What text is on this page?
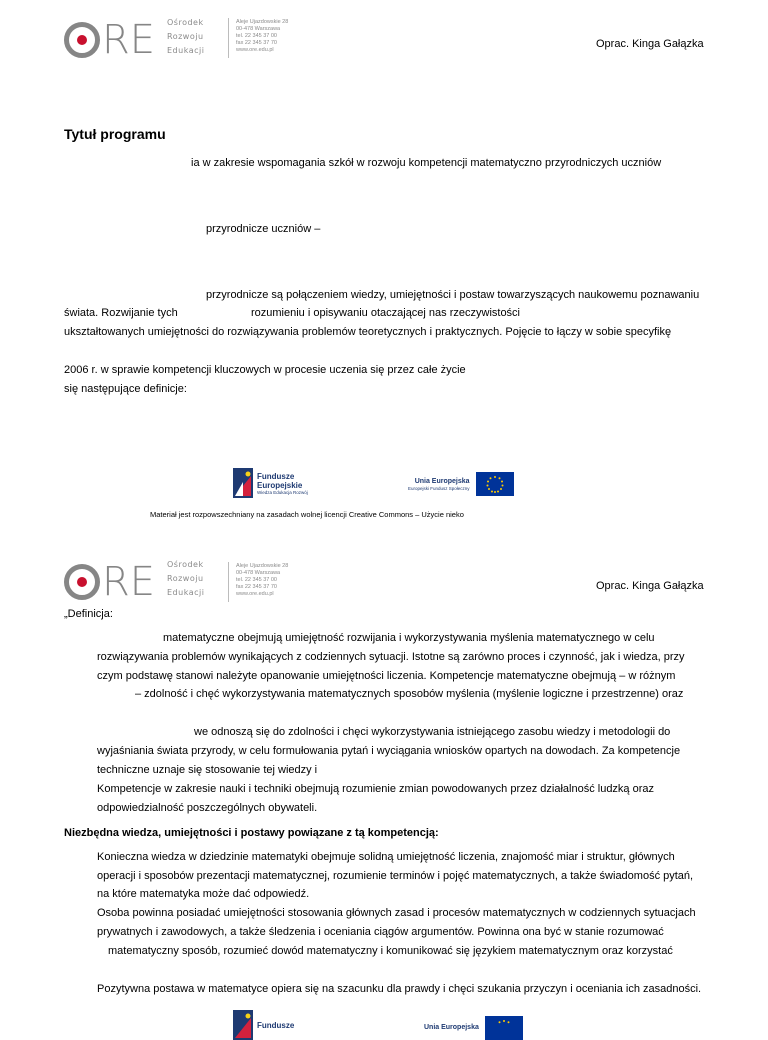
RE Ośrodek
Rozwoju
Edukacji
Aleje Ujazdowskie 28
00-478 Warszawa
tel. 22 345 37 00
fax 22 345 37 70
www.ore.edu.pl	Oprac. Kinga Gałązka
Tytuł programu
ia w zakresie wspomagania szkół w rozwoju kompetencji matematyczno przyrodniczych uczniów
przyrodnicze uczniów –
przyrodnicze są połączeniem wiedzy, umiejętności i postaw towarzyszących naukowemu poznawaniu
świata. Rozwijanie tych	rozumieniu i opisywaniu otaczającej nas rzeczywistości
ukształtowanych umiejętności do rozwiązywania problemów teoretycznych i praktycznych. Pojęcie to łączy w sobie specyfikę
2006 r. w sprawie kompetencji kluczowych w procesie uczenia się przez całe życie
się następujące definicje:
Fundusze
Europejskie
Wiedza Edukacja Rozwój
Unia Europejska
Europejski Fundusz Społeczny
Materiał jest rozpowszechniany na zasadach wolnej licencji Creative Commons – Użycie nieko
RE Ośrodek
Rozwoju
Edukacji
Aleje Ujazdowskie 28
00-478 Warszawa
tel. 22 345 37 00
fax 22 345 37 70
www.ore.edu.pl
Oprac. Kinga Gałązka
„Definicja:
matematyczne obejmują umiejętność rozwijania i wykorzystywania myślenia matematycznego w celu
rozwiązywania problemów wynikających z codziennych sytuacji. Istotne są zarówno proces i czynność, jak i wiedza, przy
czym podstawę stanowi należyte opanowanie umiejętności liczenia. Kompetencje matematyczne obejmują – w różnym
– zdolność i chęć wykorzystywania matematycznych sposobów myślenia (myślenie logiczne i przestrzenne) oraz
we odnoszą się do zdolności i chęci wykorzystywania istniejącego zasobu wiedzy i metodologii do
wyjaśniania świata przyrody, w celu formułowania pytań i wyciągania wniosków opartych na dowodach. Za kompetencje
techniczne uznaje się stosowanie tej wiedzy i
Kompetencje w zakresie nauki i techniki obejmują rozumienie zmian powodowanych przez działalność ludzką oraz
odpowiedzialność poszczególnych obywateli.
Niezbędna wiedza, umiejętności i postawy powiązane z tą kompetencją:
Konieczna wiedza w dziedzinie matematyki obejmuje solidną umiejętność liczenia, znajomość miar i struktur, głównych
operacji i sposobów prezentacji matematycznej, rozumienie terminów i pojęć matematycznych, a także świadomość pytań,
na które matematyka może dać odpowiedź.
Osoba powinna posiadać umiejętności stosowania głównych zasad i procesów matematycznych w codziennych sytuacjach
prywatnych i zawodowych, a także śledzenia i oceniania ciągów argumentów. Powinna ona być w stanie rozumować
matematyczny sposób, rozumieć dowód matematyczny i komunikować się językiem matematycznym oraz korzystać
Pozytywna postawa w matematyce opiera się na szacunku dla prawdy i chęci szukania przyczyn i oceniania ich zasadności.
Fundusze	Unia Europejska
